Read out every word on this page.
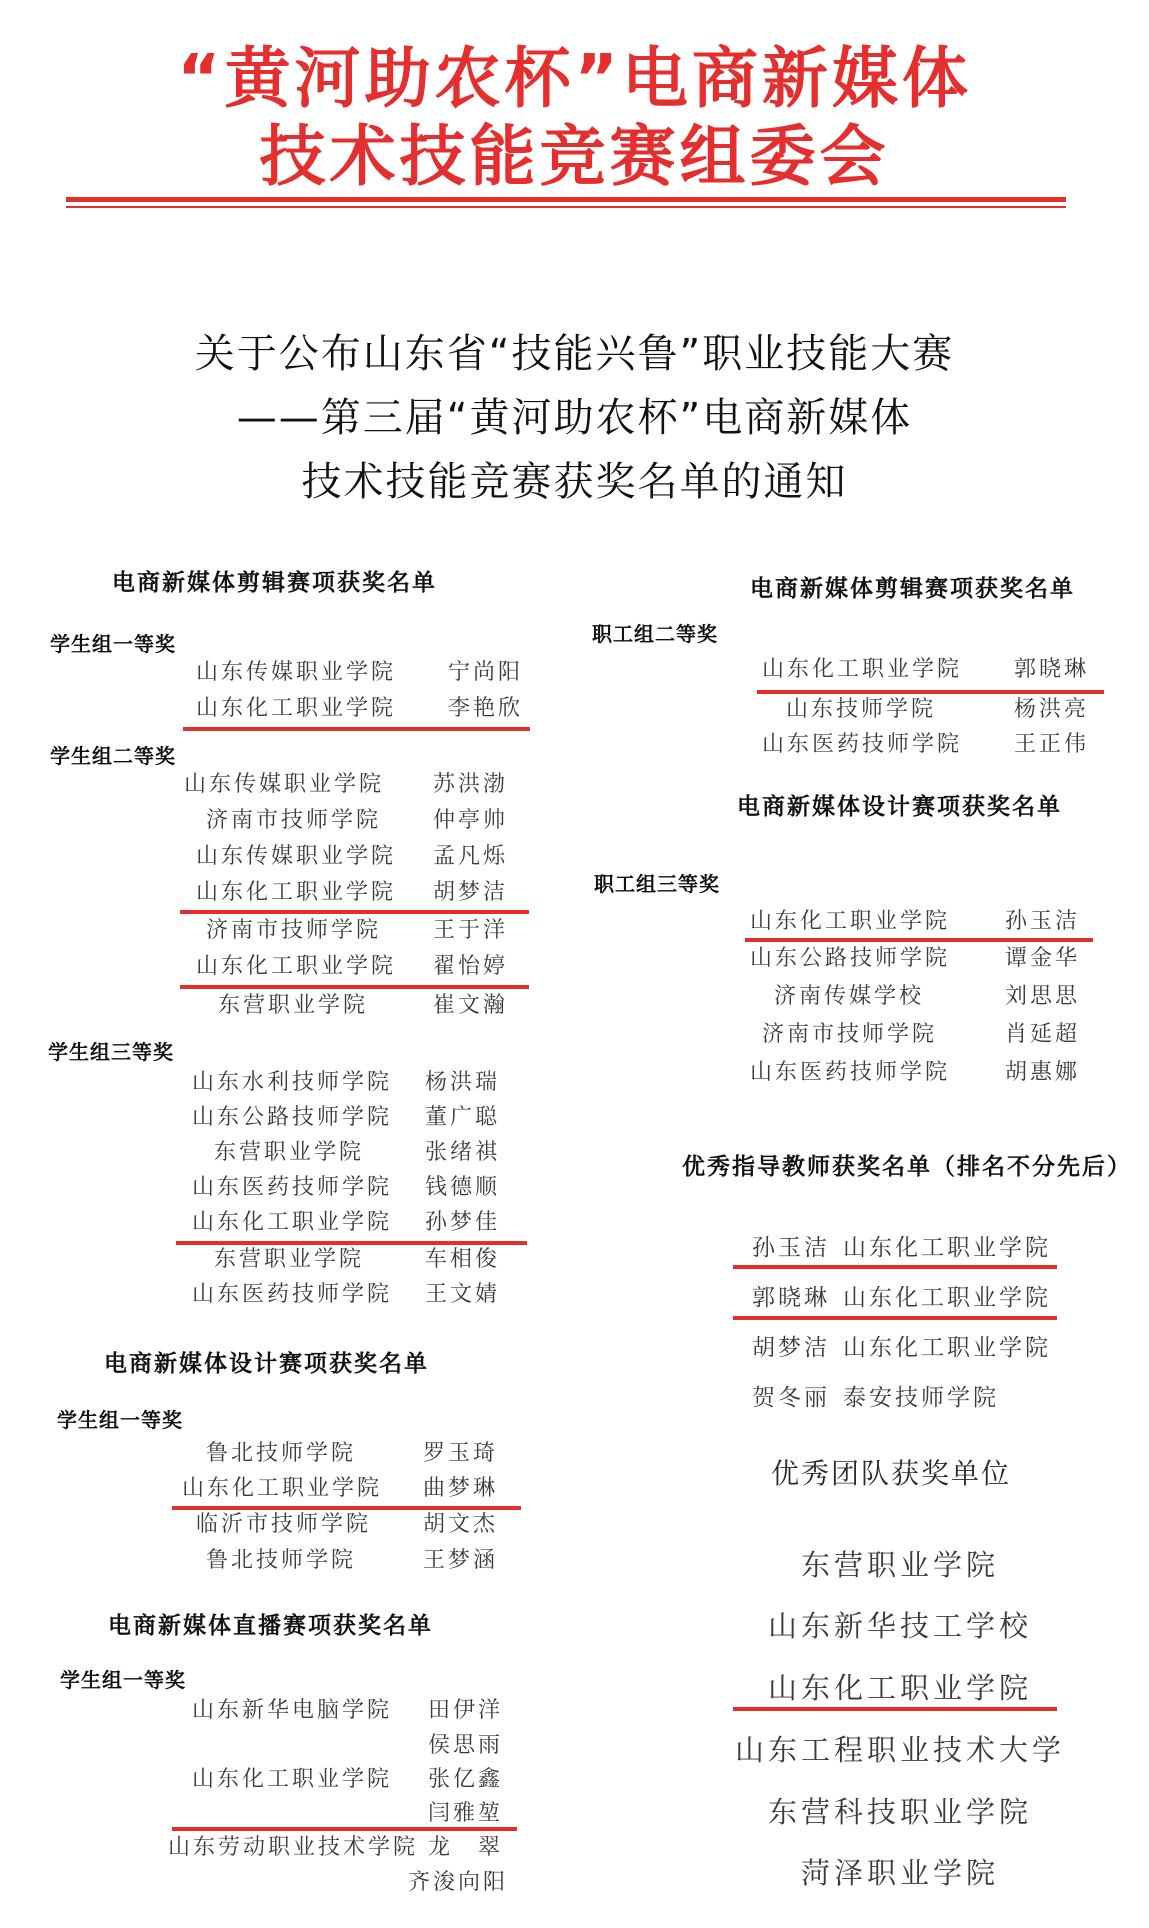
“黄河助农杯”电商新媒体
技术技能竞赛组委会
关于公布山东省“技能兴鲁”职业技能大赛
——第三届“黄河助农杯”电商新媒体
技术技能竞赛获奖名单的通知
电商新媒体剪辑赛项获奖名单
学生组一等奖
山东传媒职业学院 宁尚阳
山东化工职业学院 李艳欣
学生组二等奖
山东传媒职业学院 苏洪渤
济南市技师学院 仲亭帅
山东传媒职业学院 孟凡烁
山东化工职业学院 胡梦洁
济南市技师学院 王于洋
山东化工职业学院 翟怡婷
东营职业学院	崔文瀚
学生组三等奖
山东水利技师学院 杨洪瑞
山东公路技师学院 董广聪
东营职业学院	张绪祺
山东医药技师学院 钱德顺
山东化工职业学院 孙梦佳
东营职业学院	车相俊
山东医药技师学院 王文婧
电商新媒体设计赛项获奖名单
学生组一等奖
鲁北技师学院	罗玉琦
山东化工职业学院 曲梦琳
临沂市技师学院 胡文杰
鲁北技师学院	王梦涵
电商新媒体直播赛项获奖名单
学生组一等奖
山东新华电脑学院 田伊洋
侯思雨
山东化工职业学院 张亿鑫
闫雅堃
山东劳动职业技术学院 龙　翠
齐浚向阳
电商新媒体剪辑赛项获奖名单
职工组二等奖
山东化工职业学院 郭晓琳
山东技师学院	杨洪亮
山东医药技师学院 王正伟
电商新媒体设计赛项获奖名单
职工组三等奖
山东化工职业学院 孙玉洁
山东公路技师学院 谭金华
济南传媒学校	刘思思
济南市技师学院	肖延超
山东医药技师学院 胡惠娜
优秀指导教师获奖名单（排名不分先后）
孙玉洁 山东化工职业学院
郭晓琳 山东化工职业学院
胡梦洁 山东化工职业学院
贺冬丽 泰安技师学院
优秀团队获奖单位
东营职业学院
山东新华技工学校
山东化工职业学院
山东工程职业技术大学
东营科技职业学院
菏泽职业学院
